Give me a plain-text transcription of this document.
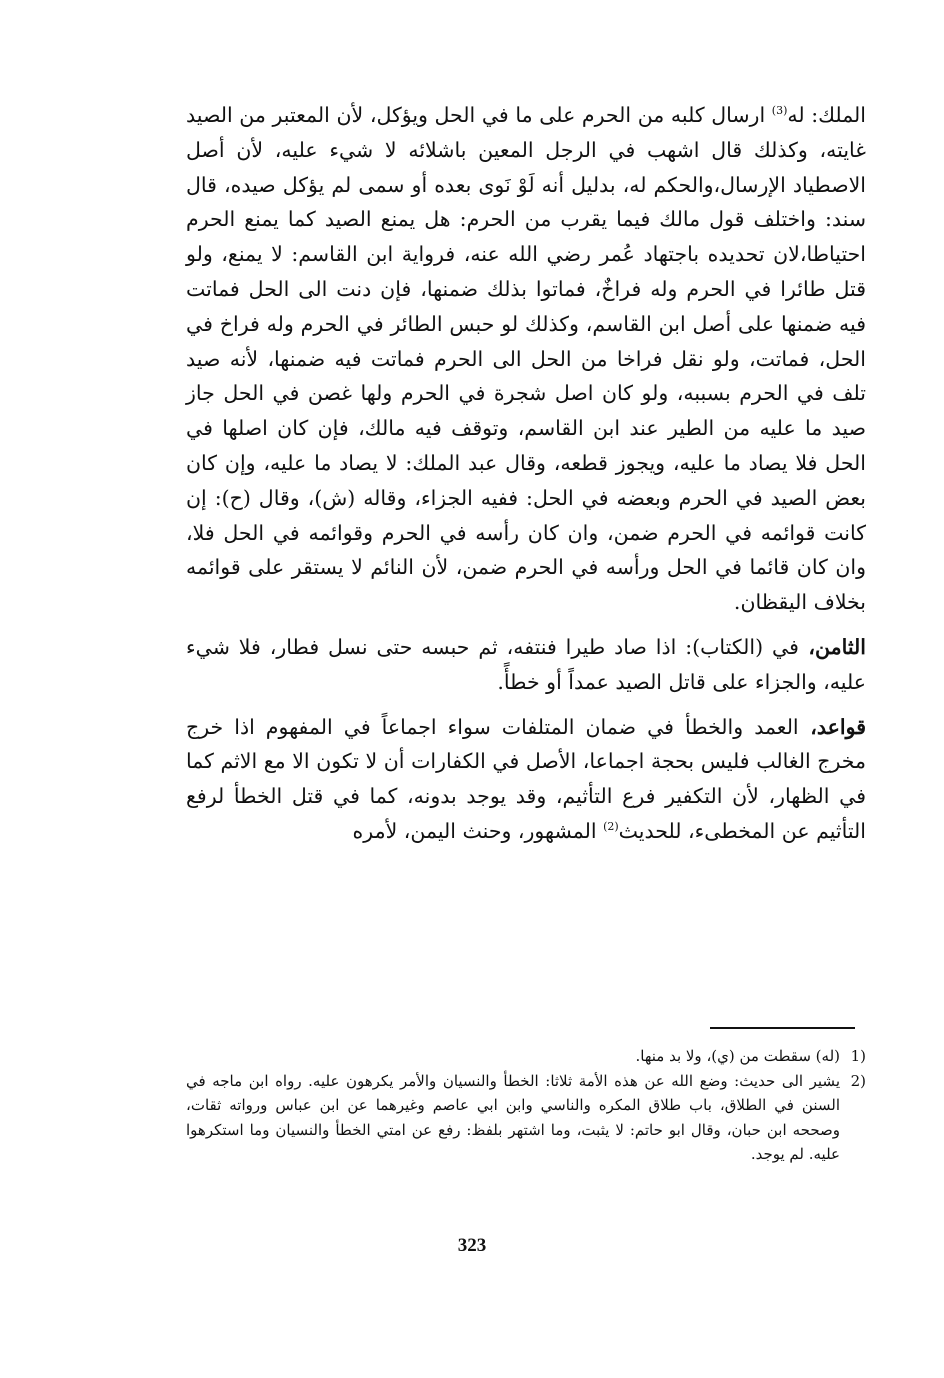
الملك: له$^{(3)}$ ارسال كلبه من الحرم على ما في الحل ويؤكل، لأن المعتبر من الصيد غايته، وكذلك قال اشهب في الرجل المعين باشلائه لا شيء عليه، لأن أصل الاصطياد الإرسال،والحكم له، بدليل أنه لَوْ نَوى بعده أو سمى لم يؤكل صيده، قال سند: واختلف قول مالك فيما يقرب من الحرم: هل يمنع الصيد كما يمنع الحرم احتياطا،لان تحديده باجتهاد عُمر رضي الله عنه، فرواية ابن القاسم: لا يمنع، ولو قتل طائرا في الحرم وله فراخٌ، فماتوا بذلك ضمنها، فإن دنت الى الحل فماتت فيه ضمنها على أصل ابن القاسم، وكذلك لو حبس الطائر في الحرم وله فراخ في الحل، فماتت، ولو نقل فراخا من الحل الى الحرم فماتت فيه ضمنها، لأنه صيد تلف في الحرم بسببه، ولو كان اصل شجرة في الحرم ولها غصن في الحل جاز صيد ما عليه من الطير عند ابن القاسم، وتوقف فيه مالك، فإن كان اصلها في الحل فلا يصاد ما عليه، ويجوز قطعه، وقال عبد الملك: لا يصاد ما عليه، وإن كان بعض الصيد في الحرم وبعضه في الحل: ففيه الجزاء، وقاله (ش)، وقال (ح): إن كانت قوائمه في الحرم ضمن، وان كان رأسه في الحرم وقوائمه في الحل فلا، وان كان قائما في الحل ورأسه في الحرم ضمن، لأن النائم لا يستقر على قوائمه بخلاف اليقظان.

الثامن، في (الكتاب): اذا صاد طيرا فنتفه، ثم حبسه حتى نسل فطار، فلا شيء عليه، والجزاء على قاتل الصيد عمداً أو خطأً.

قواعد، العمد والخطأ في ضمان المتلفات سواء اجماعاً في المفهوم اذا خرج مخرج الغالب فليس بحجة اجماعا، الأصل في الكفارات أن لا تكون الا مع الاثم كما في الظهار، لأن التكفير فرع التأثيم، وقد يوجد بدونه، كما في قتل الخطأ لرفع التأثيم عن المخطىء، للحديث$^{(2)}$ المشهور، وحنث اليمن، لأمره

1)
(له) سقطت من (ي)، ولا بد منها.
2)
يشير الى حديث: وضع الله عن هذه الأمة ثلاثا: الخطأ والنسيان والأمر يكرهون عليه. رواه ابن ماجه في السنن في الطلاق، باب طلاق المكره والناسي وابن ابي عاصم وغيرهما عن ابن عباس ورواته ثقات، وصححه ابن حبان، وقال ابو حاتم: لا يثبت، وما اشتهر بلفظ: رفع عن امتي الخطأ والنسيان وما استكرهوا عليه. لم يوجد.
323
